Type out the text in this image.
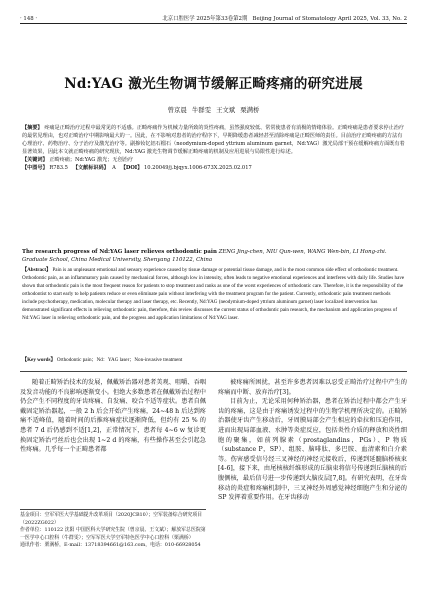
· 148 ·	北京口腔医学 2025年第33卷第2期 Beijing Journal of Stomatology April 2025, Vol. 33, No. 2
Nd:YAG 激光生物调节缓解正畸疼痛的研究进展
曾京晨 牛群雯 王文斌 栗满桥

【摘要】 疼痛是正畸治疗过程中最常见的不适感。正畸疼痛作为机械力量所致的炎性疼痛，虽然强度较低、常常使患者有消极的情绪体验。正畸疼痛是患者要求停止治疗的最常见理由，也对正畸治疗中期影响最大的一。因此，在不影响对患者的治疗程序下，早期降缓患者减轻甚至消除疼痛是正畸医师的责任。目前治疗正畸疼痛的方法有心理治疗、药物治疗、分子治疗及激光治疗等。副掺钕钇铝石榴石（neodymium-doped yttrium aluminum garnet，Nd:YAG）激光局部干预在缓解疼痛方面既有着显著效果，因此本文就正畸疼痛的研究现状，Nd:YAG 激光生物调节缓解正畸疼痛的机制及应用进展与局限性进行综述。

【关键词】 正畸疼痛；Nd:YAG 激光；无创治疗

【中图号】 R783.5 【文献标识码】 A 【DOI】 10.20049/j.bjqyx.1006-673X.2025.02.017

The research progress of Nd:YAG laser relieves orthodontic pain ZENG Jing-chen, NIU Qun-wen, WANG Wen-bin, LI Hong-zhi. Graduate School, China Medical University, Shenyang 110122, China

【Abstract】 Pain is an unpleasant emotional and sensory experience caused by tissue damage or potential tissue damage, and is the most common side effect of orthodontic treatment. Orthodontic pain, as an inflammatory pain caused by mechanical forces, although low in intensity, often leads to negative emotional experiences and interferes with daily life. Studies have shown that orthodontic pain is the most frequent reason for patients to stop treatment and ranks as one of the worst experiences of orthodontic care. Therefore, it is the responsibility of the orthodontist to start early to help patients reduce or even eliminate pain without interfering with the treatment program for the patient. Currently, orthodontic pain treatment methods include psychotherapy, medication, molecular therapy and laser therapy, etc. Recently, Nd:YAG (neodymium-doped yttrium aluminum garnet) laser localized intervention has demonstrated significant effects in relieving orthodontic pain, therefore, this review discusses the current status of orthodontic pain research, the mechanism and application progress of Nd:YAG laser in relieving orthodontic pain, and the progress and application limitations of Nd:YAG laser.

【Key words】 Orthodontic pain；Nd：YAG laser；Non-invasive treatment

随着正畸矫治技术的发展，佩戴矫治器对患者美观、咀嚼、吞咽及发音功能的不良影响逐渐变小。但绝大多数患者在佩戴矫治过程中仍会产生不同程度的牙齿疼痛、自发痛、咬合不适等症状。患者自佩戴固定矫治器起，一般 2 h 后会开始产生疼痛，24~48 h 后达到疼痛不适峰值，随着时间的后推疼痛症状逐渐降低，但约有 25 % 的患者 7 d 后仍感到不适[1,2]，正常情况下，患者每 4~6 w 复诊更换固定矫治弓丝后也会出现 1~2 d 的疼痛，有些操作甚至会引起急性疼痛。几乎每一个正畸患者都

基金项目：空军军医大学基础提升改革项目（2020JCB10）；空军装备综合研究项目（2022ZG022）
作者单位：110122 沈阳 中国医科大学研究生院（曾京晨、王文斌）；解放军总医院第一医学中心口腔科（牛群雯）；空军军医大学空军特色医学中心口腔科（栗满桥）
通讯作者：栗满桥，E-mail：13718394661@163.com，电话：010-66928054

被疼痛所困扰，甚至许多患者因难以忍受正畸治疗过程中产生的疼痛而中断、放弃治疗[3]。

目前为止，无论采用何种矫治器，患者在矫治过程中都会产生牙齿的疼痛，这是由于疼痛诱发过程中的生物学机理所决定的。正畸矫治器使牙齿产生移动后，牙周膜局部会产生相应的牵拉和压迫作用，进而出现局部血液、水肿等炎症反应，包括炎性介质的释放和炎性细胞的聚集，如前列腺素（prostaglandins，PGs）、P 物质（substance P，SP）、组胺、脑啡肽、多巴胺、血清素和白介素等。伤害感受信号经三叉神经的神经元接收后，传递到延髓脑桥核束[4-6]，接下来，由尾核核纤维形成的丘脑束将信号传递到丘脑核的后腹侧核，最后信号进一步传递到大脑皮层[7,8]。有研究表明，在牙齿移动的炎症和疼痛机制中，三叉神经外周感觉神经细胞产生和分泌的 SP 发挥着重要作用。在牙齿移动
